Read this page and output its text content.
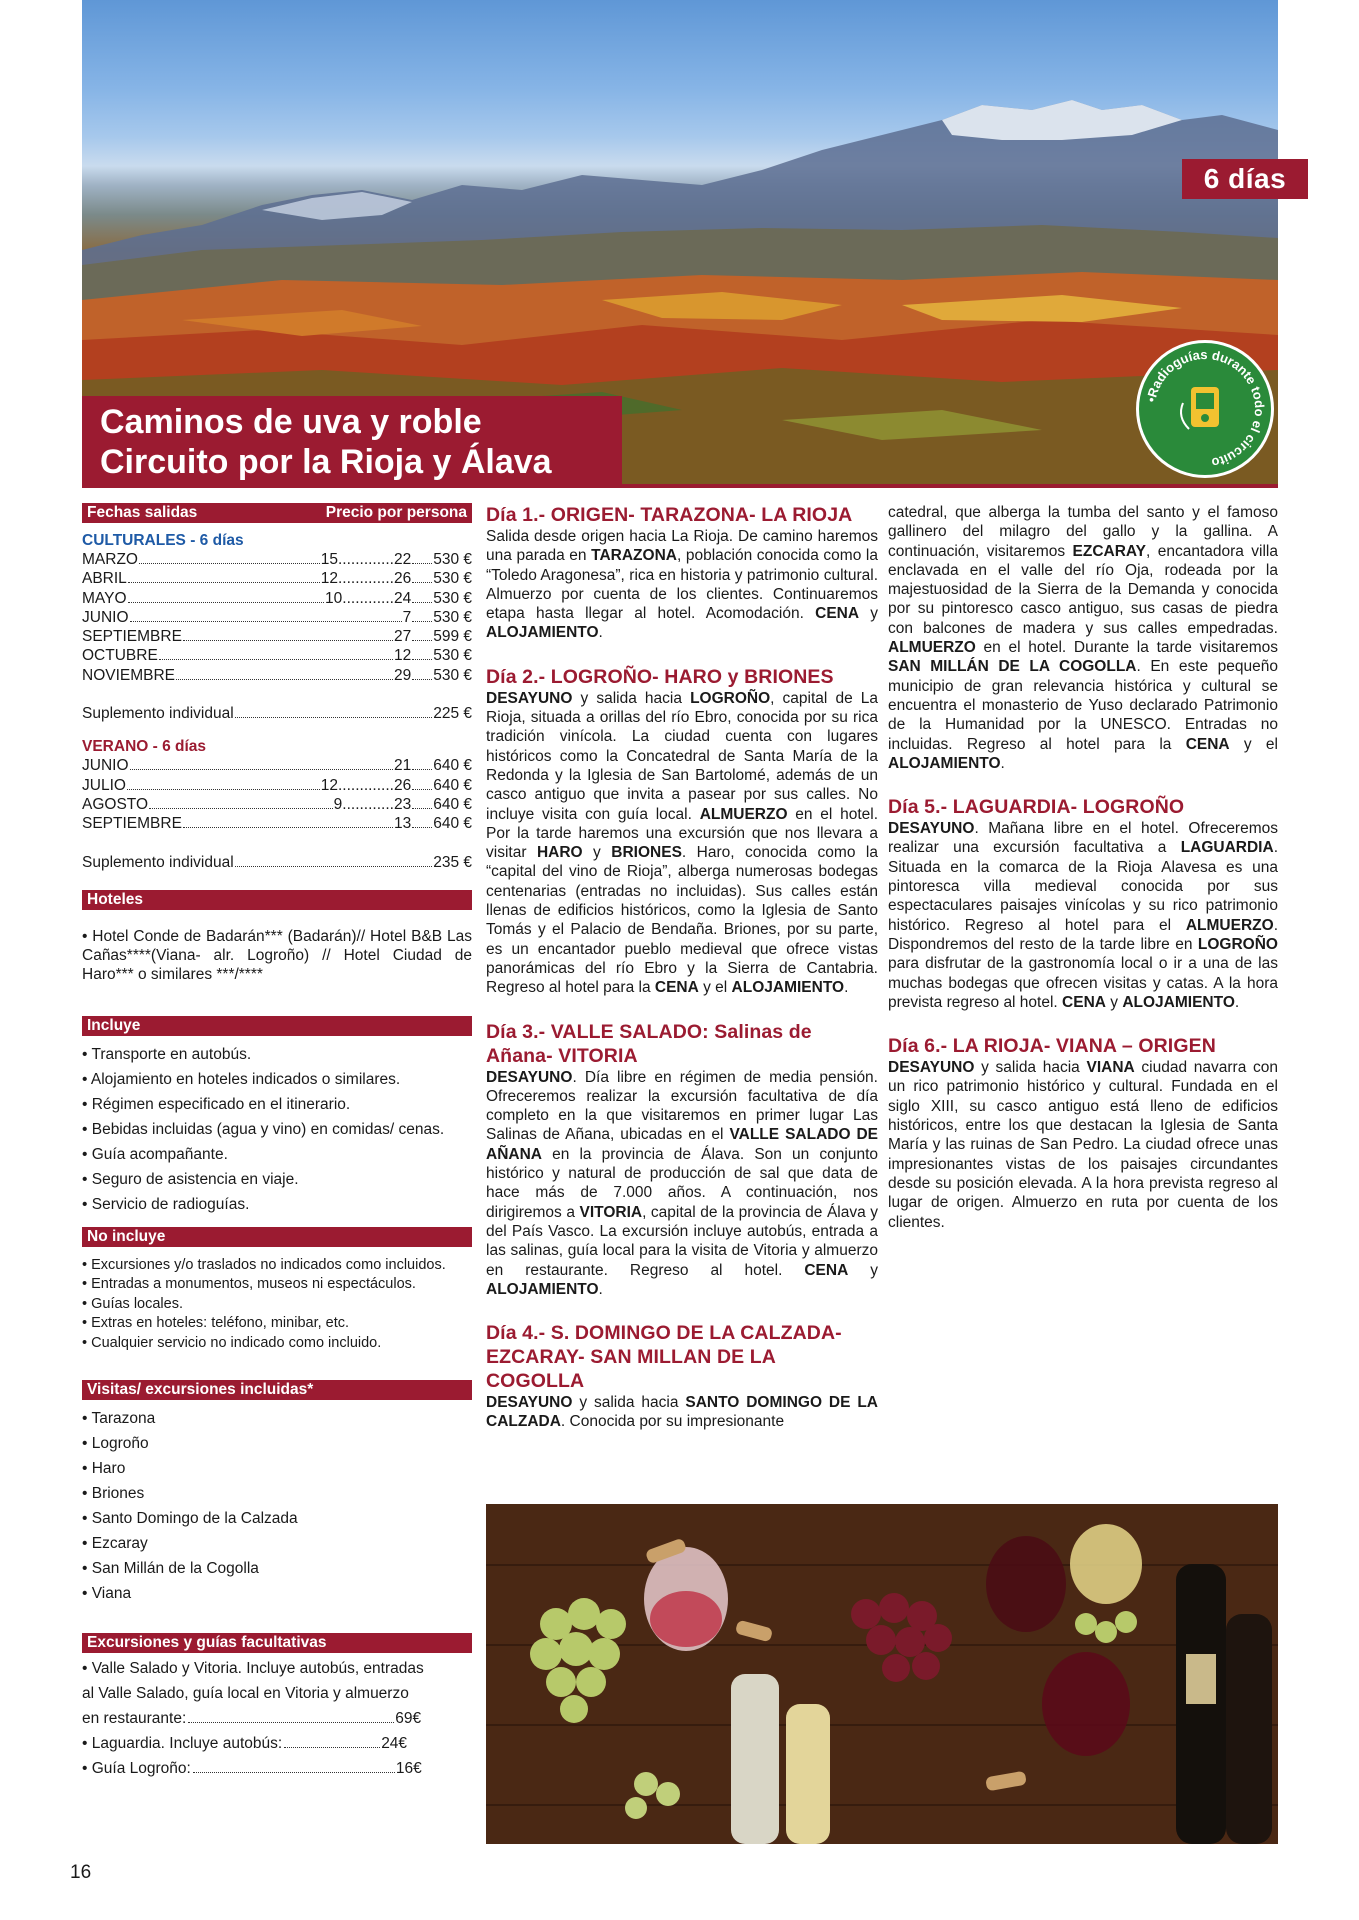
6 días
Caminos de uva y roble
Circuito por la Rioja y Álava
•Radioguías durante todo el circuito
Fechas salidas	Precio por persona
CULTURALES - 6 días
MARZO	15.............22 530 €
ABRIL	12.............26 530 €
MAYO	10............24 530 €
JUNIO	7 530 €
SEPTIEMBRE	27 599 €
OCTUBRE	12 530 €
NOVIEMBRE	29 530 €
Suplemento individual	225 €
VERANO - 6 días
JUNIO	21 640 €
JULIO	12.............26 640 €
AGOSTO	9............23 640 €
SEPTIEMBRE	13 640 €
Suplemento individual	235 €
Hoteles
• Hotel Conde de Badarán*** (Badarán)// Hotel B&B Las Cañas****(Viana- alr. Logroño) // Hotel Ciudad de Haro*** o similares ***/****
Incluye
• Transporte en autobús.
• Alojamiento en hoteles indicados o similares.
• Régimen especificado en el itinerario.
• Bebidas incluidas (agua y vino) en comidas/ cenas.
• Guía acompañante.
• Seguro de asistencia en viaje.
• Servicio de radioguías.
No incluye
• Excursiones y/o traslados no indicados como incluidos.
• Entradas a monumentos, museos ni espectáculos.
• Guías locales.
• Extras en hoteles: teléfono, minibar, etc.
• Cualquier servicio no indicado como incluido.
Visitas/ excursiones incluidas*
• Tarazona
• Logroño
• Haro
• Briones
• Santo Domingo de la Calzada
• Ezcaray
• San Millán de la Cogolla
• Viana
Excursiones y guías facultativas
• Valle Salado y Vitoria. Incluye autobús, entradas
al Valle Salado, guía local en Vitoria y almuerzo
en restaurante:	69€
• Laguardia. Incluye autobús:	24€
• Guía Logroño:	16€
Día 1.- ORIGEN- TARAZONA- LA RIOJA
Salida desde origen hacia La Rioja. De camino haremos una parada en TARAZONA, población conocida como la “Toledo Aragonesa”, rica en historia y patrimonio cultural. Almuerzo por cuenta de los clientes. Continuaremos etapa hasta llegar al hotel. Acomodación. CENA y ALOJAMIENTO.
Día 2.- LOGROÑO- HARO y BRIONES
DESAYUNO y salida hacia LOGROÑO, capital de La Rioja, situada a orillas del río Ebro, conocida por su rica tradición vinícola. La ciudad cuenta con lugares históricos como la Concatedral de Santa María de la Redonda y la Iglesia de San Bartolomé, además de un casco antiguo que invita a pasear por sus calles. No incluye visita con guía local. ALMUERZO en el hotel. Por la tarde haremos una excursión que nos llevara a visitar HARO y BRIONES. Haro, conocida como la “capital del vino de Rioja”, alberga numerosas bodegas centenarias (entradas no incluidas). Sus calles están llenas de edificios históricos, como la Iglesia de Santo Tomás y el Palacio de Bendaña. Briones, por su parte, es un encantador pueblo medieval que ofrece vistas panorámicas del río Ebro y la Sierra de Cantabria. Regreso al hotel para la CENA y el ALOJAMIENTO.
Día 3.- VALLE SALADO: Salinas de Añana- VITORIA
DESAYUNO. Día libre en régimen de media pensión. Ofreceremos realizar la excursión facultativa de día completo en la que visitaremos en primer lugar Las Salinas de Añana, ubicadas en el VALLE SALADO DE AÑANA en la provincia de Álava. Son un conjunto histórico y natural de producción de sal que data de hace más de 7.000 años. A continuación, nos dirigiremos a VITORIA, capital de la provincia de Álava y del País Vasco. La excursión incluye autobús, entrada a las salinas, guía local para la visita de Vitoria y almuerzo en restaurante. Regreso al hotel. CENA y ALOJAMIENTO.
Día 4.- S. DOMINGO DE LA CALZADA- EZCARAY- SAN MILLAN DE LA COGOLLA
DESAYUNO y salida hacia SANTO DOMINGO DE LA CALZADA. Conocida por su impresionante
catedral, que alberga la tumba del santo y el famoso gallinero del milagro del gallo y la gallina. A continuación, visitaremos EZCARAY, encantadora villa enclavada en el valle del río Oja, rodeada por la majestuosidad de la Sierra de la Demanda y conocida por su pintoresco casco antiguo, sus casas de piedra con balcones de madera y sus calles empedradas. ALMUERZO en el hotel. Durante la tarde visitaremos SAN MILLÁN DE LA COGOLLA. En este pequeño municipio de gran relevancia histórica y cultural se encuentra el monasterio de Yuso declarado Patrimonio de la Humanidad por la UNESCO. Entradas no incluidas. Regreso al hotel para la CENA y el ALOJAMIENTO.
Día 5.- LAGUARDIA- LOGROÑO
DESAYUNO. Mañana libre en el hotel. Ofreceremos realizar una excursión facultativa a LAGUARDIA. Situada en la comarca de la Rioja Alavesa es una pintoresca villa medieval conocida por sus espectaculares paisajes vinícolas y su rico patrimonio histórico. Regreso al hotel para el ALMUERZO. Dispondremos del resto de la tarde libre en LOGROÑO para disfrutar de la gastronomía local o ir a una de las muchas bodegas que ofrecen visitas y catas. A la hora prevista regreso al hotel. CENA y ALOJAMIENTO.
Día 6.- LA RIOJA- VIANA – ORIGEN
DESAYUNO y salida hacia VIANA ciudad navarra con un rico patrimonio histórico y cultural. Fundada en el siglo XIII, su casco antiguo está lleno de edificios históricos, entre los que destacan la Iglesia de Santa María y las ruinas de San Pedro. La ciudad ofrece unas impresionantes vistas de los paisajes circundantes desde su posición elevada. A la hora prevista regreso al lugar de origen. Almuerzo en ruta por cuenta de los clientes.
16
